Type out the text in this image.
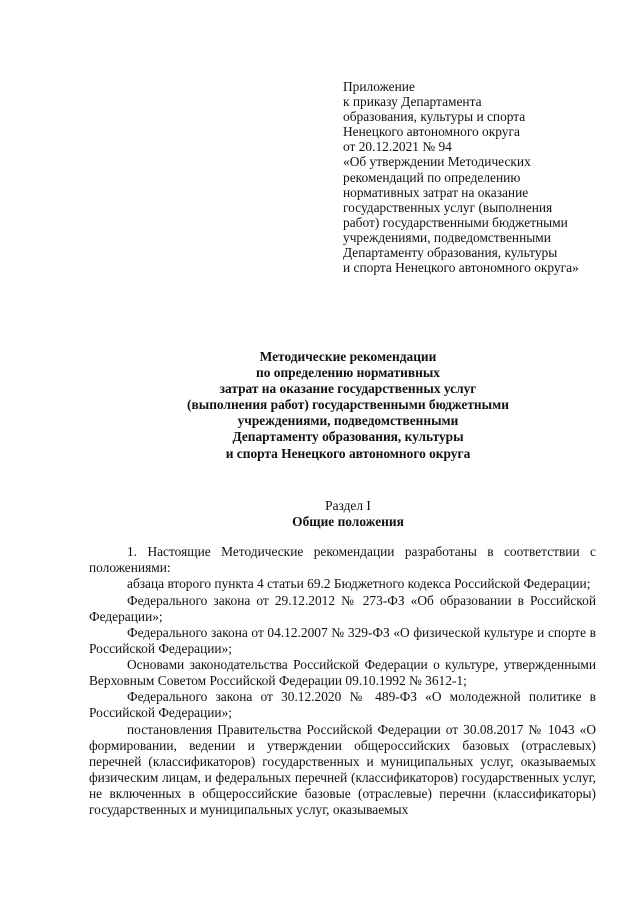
Приложение
к приказу Департамента
образования, культуры и спорта
Ненецкого автономного округа
от 20.12.2021 № 94
«Об утверждении Методических
рекомендаций по определению
нормативных затрат на оказание
государственных услуг (выполнения
работ) государственными бюджетными
учреждениями, подведомственными
Департаменту образования, культуры
и спорта Ненецкого автономного округа»
Методические рекомендации
по определению нормативных
затрат на оказание государственных услуг
(выполнения работ) государственными бюджетными
учреждениями, подведомственными
Департаменту образования, культуры
и спорта Ненецкого автономного округа
Раздел I
Общие положения

1. Настоящие Методические рекомендации разработаны в соответствии с положениями:

абзаца второго пункта 4 статьи 69.2 Бюджетного кодекса Российской Федерации;

Федерального закона от 29.12.2012 № 273-ФЗ «Об образовании в Российской Федерации»;

Федерального закона от 04.12.2007 № 329-ФЗ «О физической культуре и спорте в Российской Федерации»;

Основами законодательства Российской Федерации о культуре, утвержденными Верховным Советом Российской Федерации 09.10.1992 № 3612-1;

Федерального закона от 30.12.2020 № 489-ФЗ «О молодежной политике в Российской Федерации»;

постановления Правительства Российской Федерации от 30.08.2017 № 1043 «О формировании, ведении и утверждении общероссийских базовых (отраслевых) перечней (классификаторов) государственных и муниципальных услуг, оказываемых физическим лицам, и федеральных перечней (классификаторов) государственных услуг, не включенных в общероссийские базовые (отраслевые) перечни (классификаторы) государственных и муниципальных услуг, оказываемых
